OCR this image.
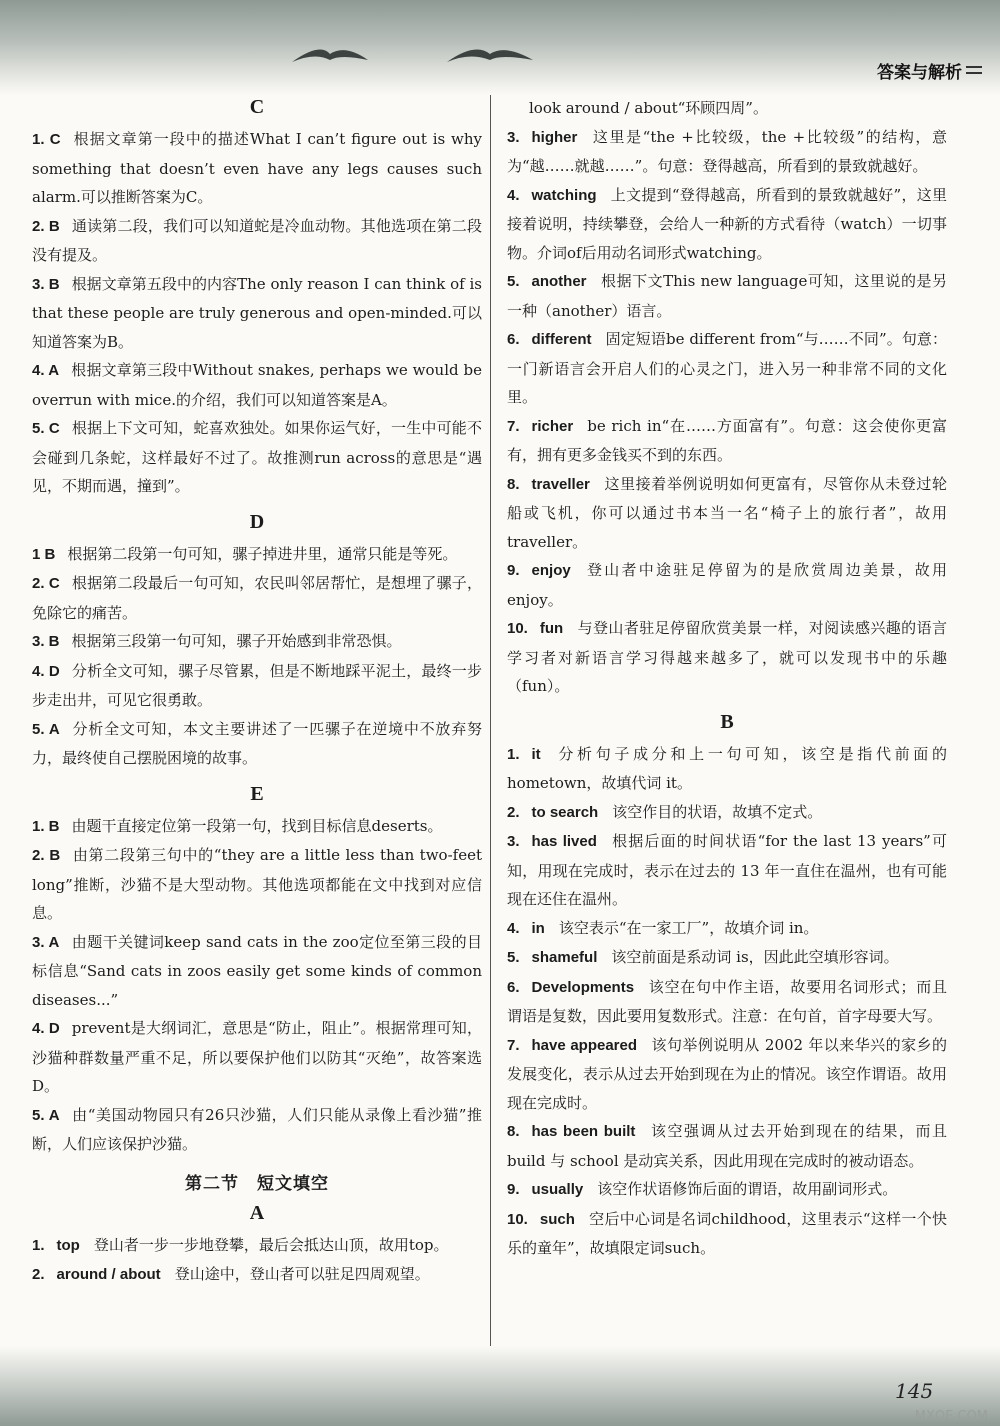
答案与解析
C
1. C 根据文章第一段中的描述What I can’t figure out is why something that doesn’t even have any legs causes such alarm.可以推断答案为C。
2. B 通读第二段，我们可以知道蛇是冷血动物。其他选项在第二段没有提及。
3. B 根据文章第五段中的内容The only reason I can think of is that these people are truly generous and open-minded.可以知道答案为B。
4. A 根据文章第三段中Without snakes, perhaps we would be overrun with mice.的介绍，我们可以知道答案是A。
5. C 根据上下文可知，蛇喜欢独处。如果你运气好，一生中可能不会碰到几条蛇，这样最好不过了。故推测run across的意思是“遇见，不期而遇，撞到”。
D
1 B 根据第二段第一句可知，骡子掉进井里，通常只能是等死。
2. C 根据第二段最后一句可知，农民叫邻居帮忙，是想埋了骡子，免除它的痛苦。
3. B 根据第三段第一句可知，骡子开始感到非常恐惧。
4. D 分析全文可知，骡子尽管累，但是不断地踩平泥土，最终一步步走出井，可见它很勇敢。
5. A 分析全文可知，本文主要讲述了一匹骡子在逆境中不放弃努力，最终使自己摆脱困境的故事。
E
1. B 由题干直接定位第一段第一句，找到目标信息deserts。
2. B 由第二段第三句中的“they are a little less than two-feet long”推断，沙猫不是大型动物。其他选项都能在文中找到对应信息。
3. A 由题干关键词keep sand cats in the zoo定位至第三段的目标信息“Sand cats in zoos easily get some kinds of common diseases...”
4. D prevent是大纲词汇，意思是“防止，阻止”。根据常理可知，沙猫种群数量严重不足，所以要保护他们以防其“灭绝”，故答案选D。
5. A 由“美国动物园只有26只沙猫，人们只能从录像上看沙猫”推断，人们应该保护沙猫。
第二节　短文填空
A
1. top 登山者一步一步地登攀，最后会抵达山顶，故用top。
2. around / about 登山途中，登山者可以驻足四周观望。
look around / about“环顾四周”。
3. higher 这里是“the +比较级，the +比较级”的结构，意为“越……就越……”。句意：登得越高，所看到的景致就越好。
4. watching 上文提到“登得越高，所看到的景致就越好”，这里接着说明，持续攀登，会给人一种新的方式看待（watch）一切事物。介词of后用动名词形式watching。
5. another 根据下文This new language可知，这里说的是另一种（another）语言。
6. different 固定短语be different from“与……不同”。句意：一门新语言会开启人们的心灵之门，进入另一种非常不同的文化里。
7. richer be rich in“在……方面富有”。句意：这会使你更富有，拥有更多金钱买不到的东西。
8. traveller 这里接着举例说明如何更富有，尽管你从未登过轮船或飞机，你可以通过书本当一名“椅子上的旅行者”，故用traveller。
9. enjoy 登山者中途驻足停留为的是欣赏周边美景，故用enjoy。
10. fun 与登山者驻足停留欣赏美景一样，对阅读感兴趣的语言学习者对新语言学习得越来越多了，就可以发现书中的乐趣（fun）。
B
1. it 分析句子成分和上一句可知，该空是指代前面的hometown，故填代词 it。
2. to search 该空作目的状语，故填不定式。
3. has lived 根据后面的时间状语“for the last 13 years”可知，用现在完成时，表示在过去的 13 年一直住在温州，也有可能现在还住在温州。
4. in 该空表示“在一家工厂”，故填介词 in。
5. shameful 该空前面是系动词 is，因此此空填形容词。
6. Developments 该空在句中作主语，故要用名词形式；而且谓语是复数，因此要用复数形式。注意：在句首，首字母要大写。
7. have appeared 该句举例说明从 2002 年以来华兴的家乡的发展变化，表示从过去开始到现在为止的情况。该空作谓语。故用现在完成时。
8. has been built 该空强调从过去开始到现在的结果，而且 build 与 school 是动宾关系，因此用现在完成时的被动语态。
9. usually 该空作状语修饰后面的谓语，故用副词形式。
10. such 空后中心词是名词childhood，这里表示“这样一个快乐的童年”，故填限定词such。
145
MXQE.COM
